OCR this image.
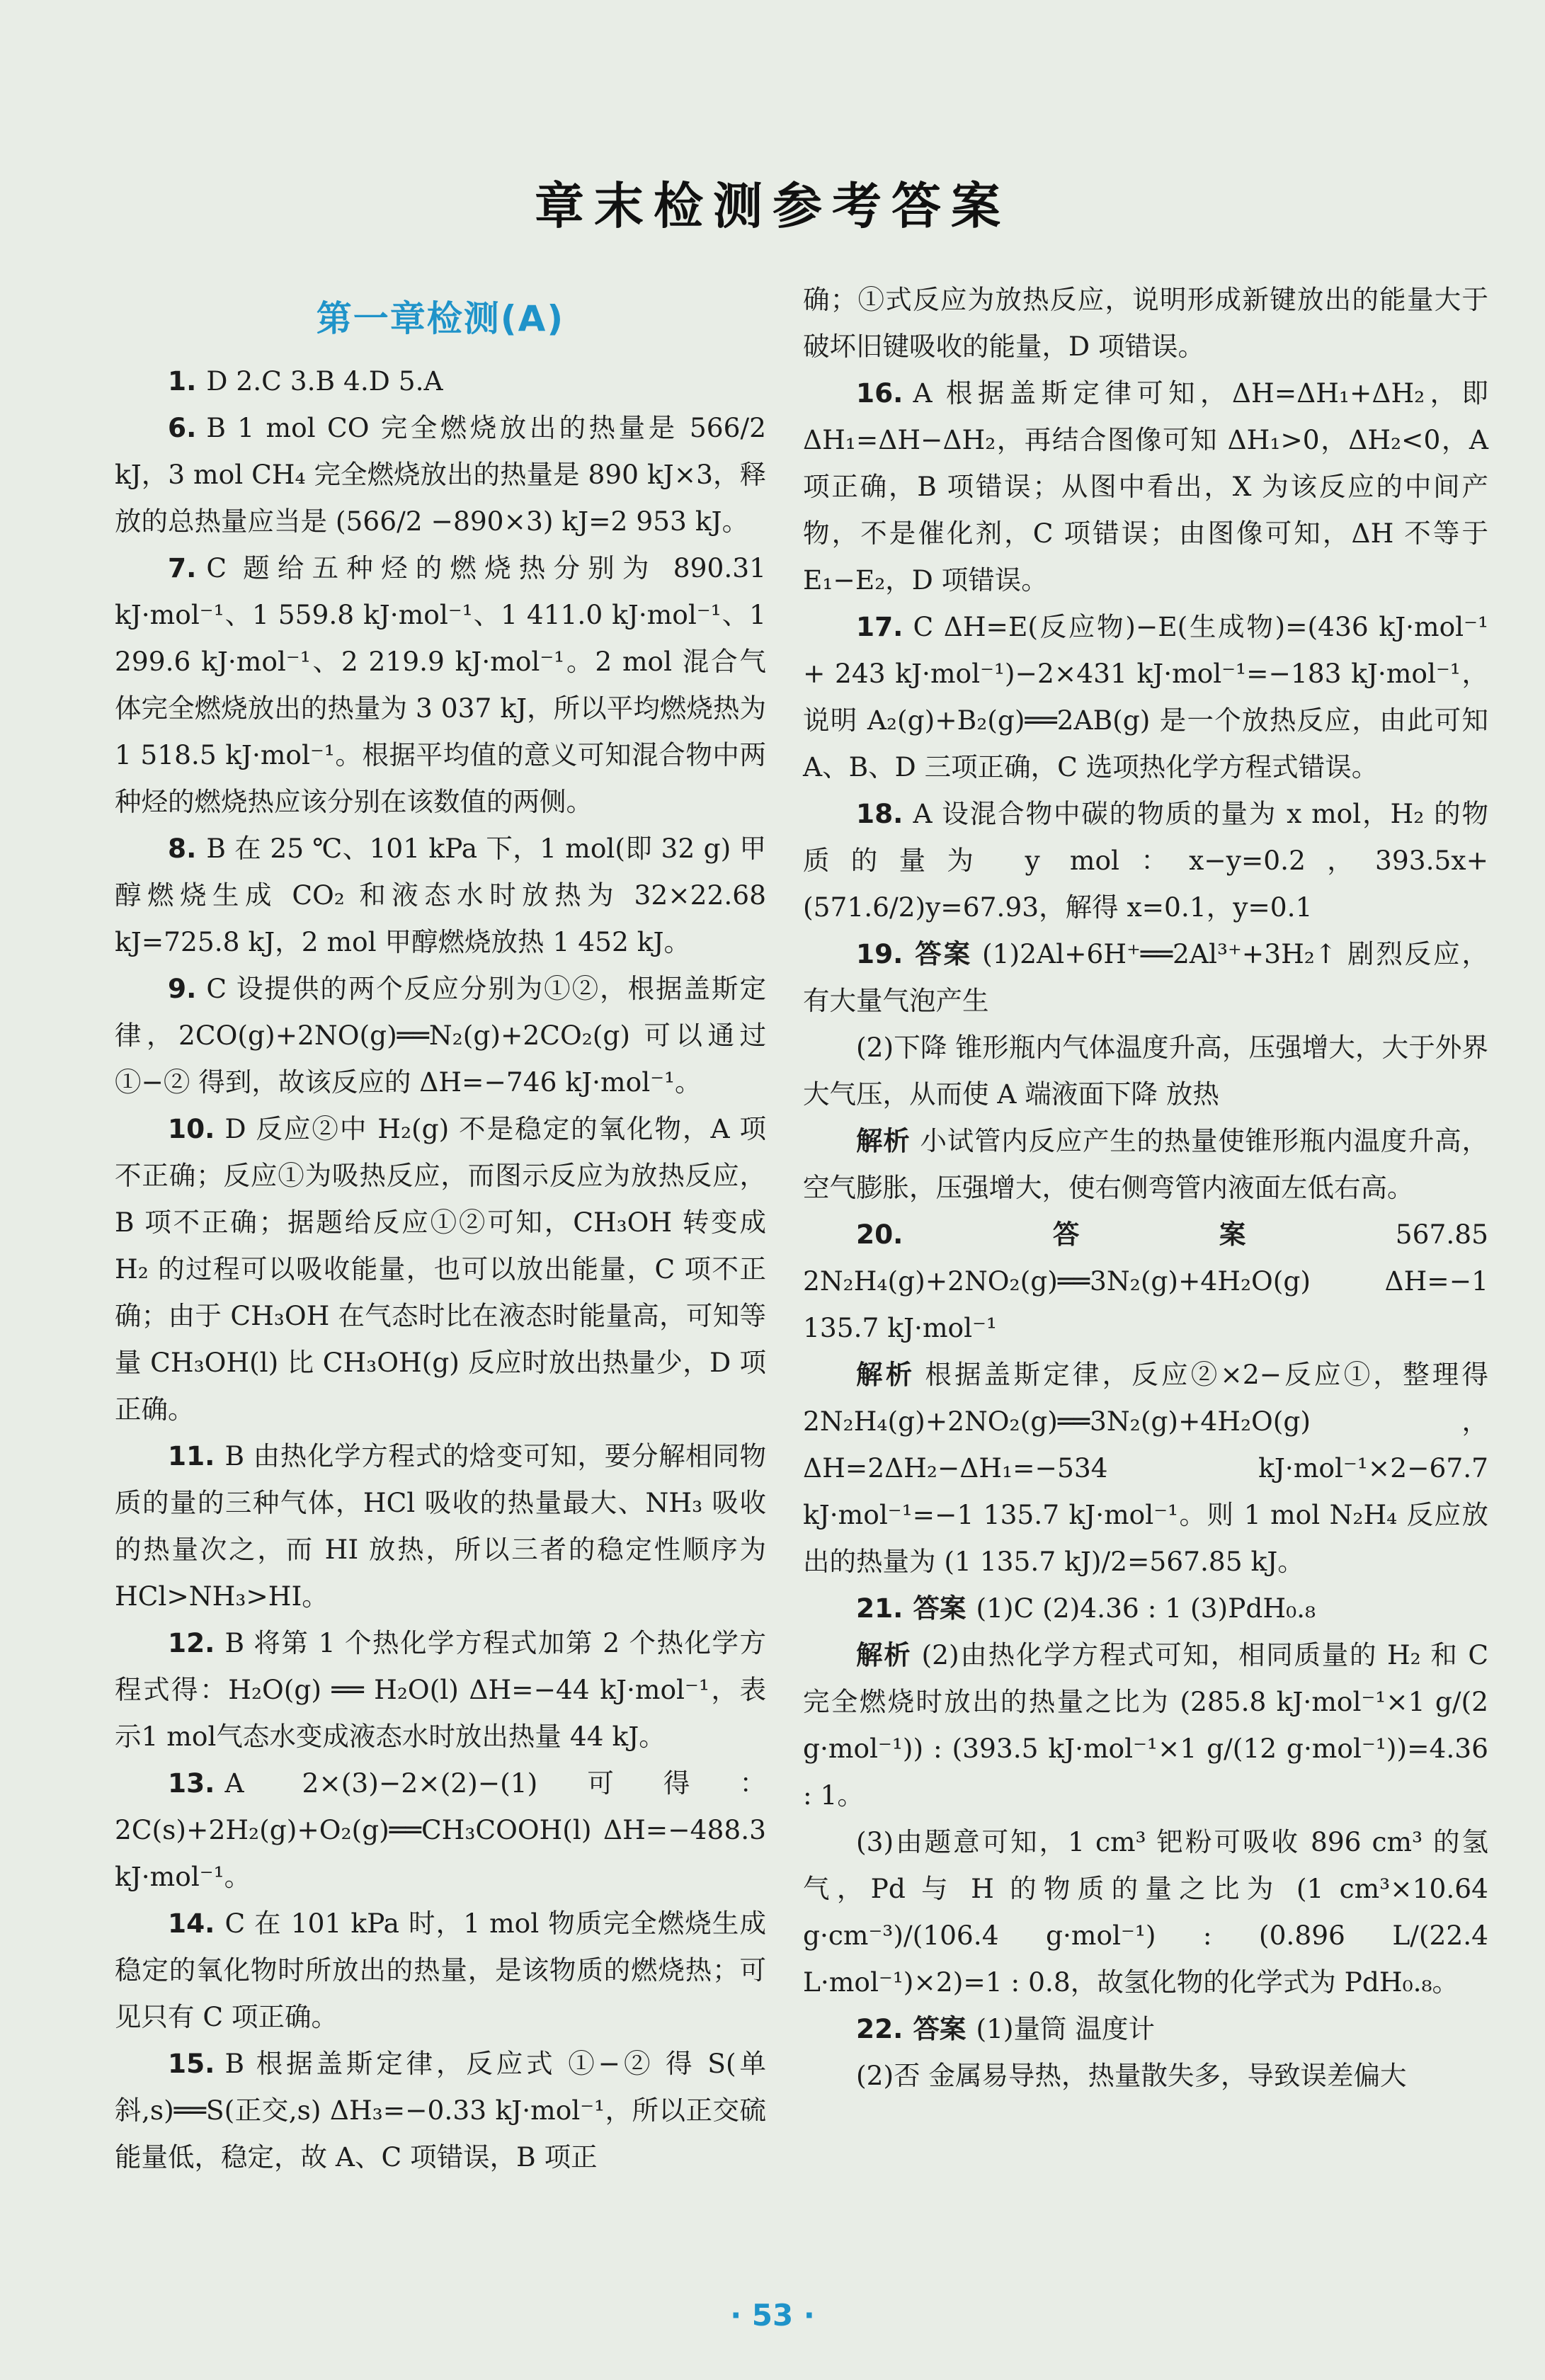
章末检测参考答案
第一章检测(A)

1. D 2.C 3.B 4.D 5.A

6. B 1 mol CO 完全燃烧放出的热量是 566/2 kJ，3 mol CH₄ 完全燃烧放出的热量是 890 kJ×3，释放的总热量应当是 (566/2 −890×3) kJ=2 953 kJ。

7. C 题给五种烃的燃烧热分别为 890.31 kJ·mol⁻¹、1 559.8 kJ·mol⁻¹、1 411.0 kJ·mol⁻¹、1 299.6 kJ·mol⁻¹、2 219.9 kJ·mol⁻¹。2 mol 混合气体完全燃烧放出的热量为 3 037 kJ，所以平均燃烧热为 1 518.5 kJ·mol⁻¹。根据平均值的意义可知混合物中两种烃的燃烧热应该分别在该数值的两侧。

8. B 在 25 ℃、101 kPa 下，1 mol(即 32 g) 甲醇燃烧生成 CO₂ 和液态水时放热为 32×22.68 kJ=725.8 kJ，2 mol 甲醇燃烧放热 1 452 kJ。

9. C 设提供的两个反应分别为①②，根据盖斯定律，2CO(g)+2NO(g)══N₂(g)+2CO₂(g) 可以通过 ①−② 得到，故该反应的 ΔH=−746 kJ·mol⁻¹。

10. D 反应②中 H₂(g) 不是稳定的氧化物，A 项不正确；反应①为吸热反应，而图示反应为放热反应，B 项不正确；据题给反应①②可知，CH₃OH 转变成 H₂ 的过程可以吸收能量，也可以放出能量，C 项不正确；由于 CH₃OH 在气态时比在液态时能量高，可知等量 CH₃OH(l) 比 CH₃OH(g) 反应时放出热量少，D 项正确。

11. B 由热化学方程式的焓变可知，要分解相同物质的量的三种气体，HCl 吸收的热量最大、NH₃ 吸收的热量次之，而 HI 放热，所以三者的稳定性顺序为 HCl>NH₃>HI。

12. B 将第 1 个热化学方程式加第 2 个热化学方程式得：H₂O(g) ══ H₂O(l) ΔH=−44 kJ·mol⁻¹，表示1 mol气态水变成液态水时放出热量 44 kJ。

13. A 2×(3)−2×(2)−(1)可得：2C(s)+2H₂(g)+O₂(g)══CH₃COOH(l) ΔH=−488.3 kJ·mol⁻¹。

14. C 在 101 kPa 时，1 mol 物质完全燃烧生成稳定的氧化物时所放出的热量，是该物质的燃烧热；可见只有 C 项正确。

15. B 根据盖斯定律，反应式 ①−② 得 S(单斜,s)══S(正交,s) ΔH₃=−0.33 kJ·mol⁻¹，所以正交硫能量低，稳定，故 A、C 项错误，B 项正

确；①式反应为放热反应，说明形成新键放出的能量大于破坏旧键吸收的能量，D 项错误。

16. A 根据盖斯定律可知，ΔH=ΔH₁+ΔH₂，即 ΔH₁=ΔH−ΔH₂，再结合图像可知 ΔH₁>0，ΔH₂<0，A 项正确，B 项错误；从图中看出，X 为该反应的中间产物，不是催化剂，C 项错误；由图像可知，ΔH 不等于 E₁−E₂，D 项错误。

17. C ΔH=E(反应物)−E(生成物)=(436 kJ·mol⁻¹ + 243 kJ·mol⁻¹)−2×431 kJ·mol⁻¹=−183 kJ·mol⁻¹，说明 A₂(g)+B₂(g)══2AB(g) 是一个放热反应，由此可知 A、B、D 三项正确，C 选项热化学方程式错误。

18. A 设混合物中碳的物质的量为 x mol，H₂ 的物质的量为 y mol：x−y=0.2，393.5x+(571.6/2)y=67.93，解得 x=0.1，y=0.1

19. 答案 (1)2Al+6H⁺══2Al³⁺+3H₂↑ 剧烈反应，有大量气泡产生

(2)下降 锥形瓶内气体温度升高，压强增大，大于外界大气压，从而使 A 端液面下降 放热

解析 小试管内反应产生的热量使锥形瓶内温度升高，空气膨胀，压强增大，使右侧弯管内液面左低右高。

20. 答案 567.85 2N₂H₄(g)+2NO₂(g)══3N₂(g)+4H₂O(g) ΔH=−1 135.7 kJ·mol⁻¹

解析 根据盖斯定律，反应②×2−反应①，整理得 2N₂H₄(g)+2NO₂(g)══3N₂(g)+4H₂O(g)，ΔH=2ΔH₂−ΔH₁=−534 kJ·mol⁻¹×2−67.7 kJ·mol⁻¹=−1 135.7 kJ·mol⁻¹。则 1 mol N₂H₄ 反应放出的热量为 (1 135.7 kJ)/2=567.85 kJ。

21. 答案 (1)C (2)4.36 : 1 (3)PdH₀.₈

解析 (2)由热化学方程式可知，相同质量的 H₂ 和 C 完全燃烧时放出的热量之比为 (285.8 kJ·mol⁻¹×1 g/(2 g·mol⁻¹)) : (393.5 kJ·mol⁻¹×1 g/(12 g·mol⁻¹))=4.36 : 1。

(3)由题意可知，1 cm³ 钯粉可吸收 896 cm³ 的氢气，Pd 与 H 的物质的量之比为 (1 cm³×10.64 g·cm⁻³)/(106.4 g·mol⁻¹) : (0.896 L/(22.4 L·mol⁻¹)×2)=1 : 0.8，故氢化物的化学式为 PdH₀.₈。

22. 答案 (1)量筒 温度计

(2)否 金属易导热，热量散失多，导致误差偏大

· 53 ·
